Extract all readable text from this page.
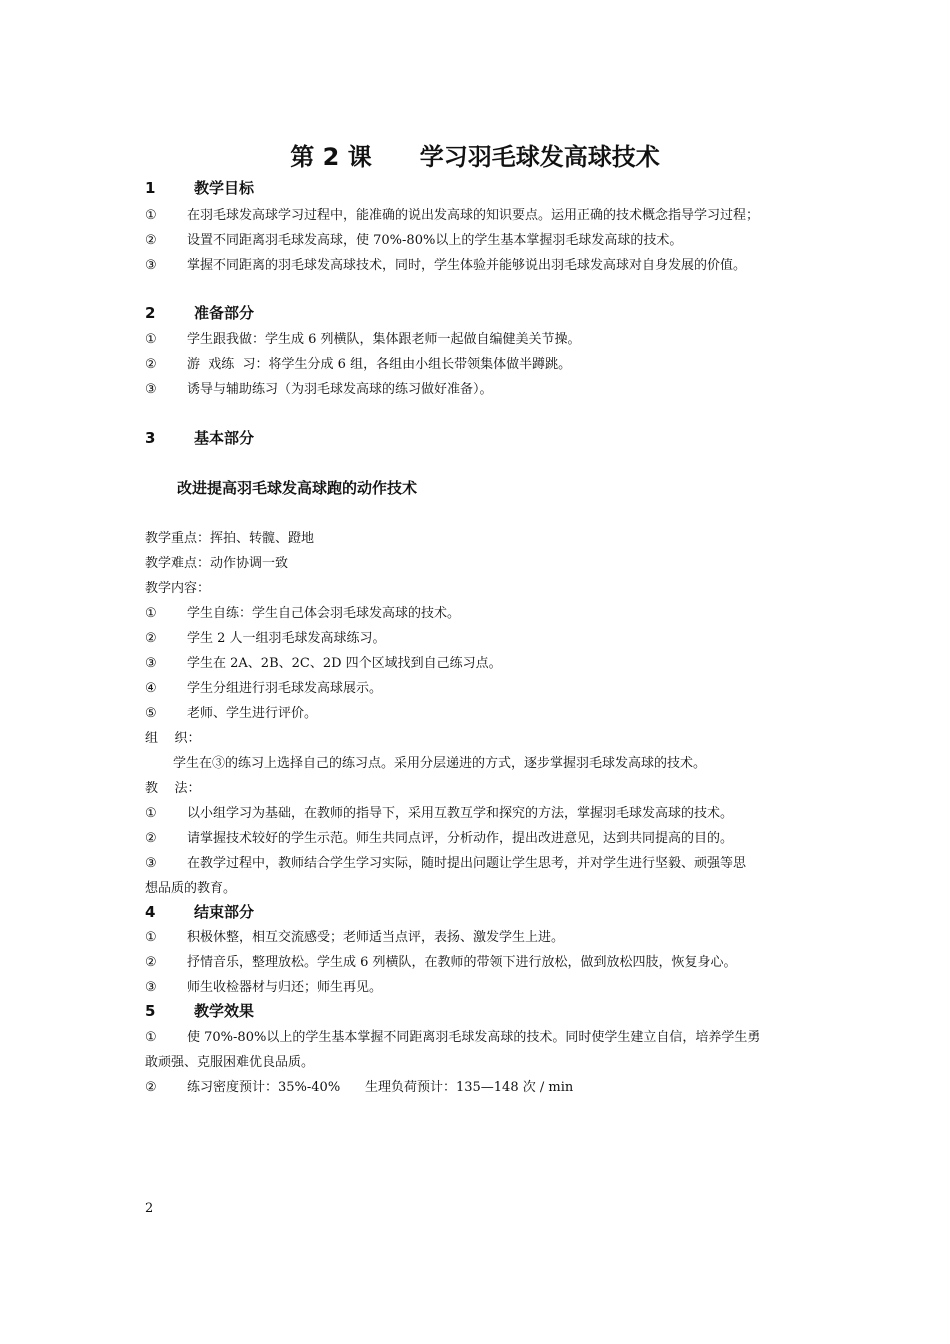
第 2 课 学习羽毛球发高球技术
1	教学目标
① 在羽毛球发高球学习过程中，能准确的说出发高球的知识要点。运用正确的技术概念指导学习过程；
② 设置不同距离羽毛球发高球，使 70%-80%以上的学生基本掌握羽毛球发高球的技术。
③ 掌握不同距离的羽毛球发高球技术，同时，学生体验并能够说出羽毛球发高球对自身发展的价值。
2	准备部分
① 学生跟我做：学生成 6 列横队，集体跟老师一起做自编健美关节操。
② 游  戏练  习：将学生分成 6 组，各组由小组长带领集体做半蹲跳。
③ 诱导与辅助练习（为羽毛球发高球的练习做好准备）。
3	基本部分
改进提高羽毛球发高球跑的动作技术
教学重点：挥拍、转髋、蹬地
教学难点：动作协调一致
教学内容：
① 学生自练：学生自己体会羽毛球发高球的技术。
② 学生 2 人一组羽毛球发高球练习。
③ 学生在 2A、2B、2C、2D 四个区域找到自己练习点。
④ 学生分组进行羽毛球发高球展示。
⑤ 老师、学生进行评价。
组    织：
学生在③的练习上选择自己的练习点。采用分层递进的方式，逐步掌握羽毛球发高球的技术。
教    法：
① 以小组学习为基础，在教师的指导下，采用互教互学和探究的方法，掌握羽毛球发高球的技术。
② 请掌握技术较好的学生示范。师生共同点评，分析动作，提出改进意见，达到共同提高的目的。
③ 在教学过程中，教师结合学生学习实际，随时提出问题让学生思考，并对学生进行坚毅、顽强等思
想品质的教育。
4	结束部分
① 积极休整，相互交流感受；老师适当点评，表扬、激发学生上进。
② 抒情音乐，整理放松。学生成 6 列横队，在教师的带领下进行放松，做到放松四肢，恢复身心。
③ 师生收检器材与归还；师生再见。
5	教学效果
① 使 70%-80%以上的学生基本掌握不同距离羽毛球发高球的技术。同时使学生建立自信，培养学生勇
敢顽强、克服困难优良品质。
② 练习密度预计：35%-40%      生理负荷预计：135—148 次 / min
2
